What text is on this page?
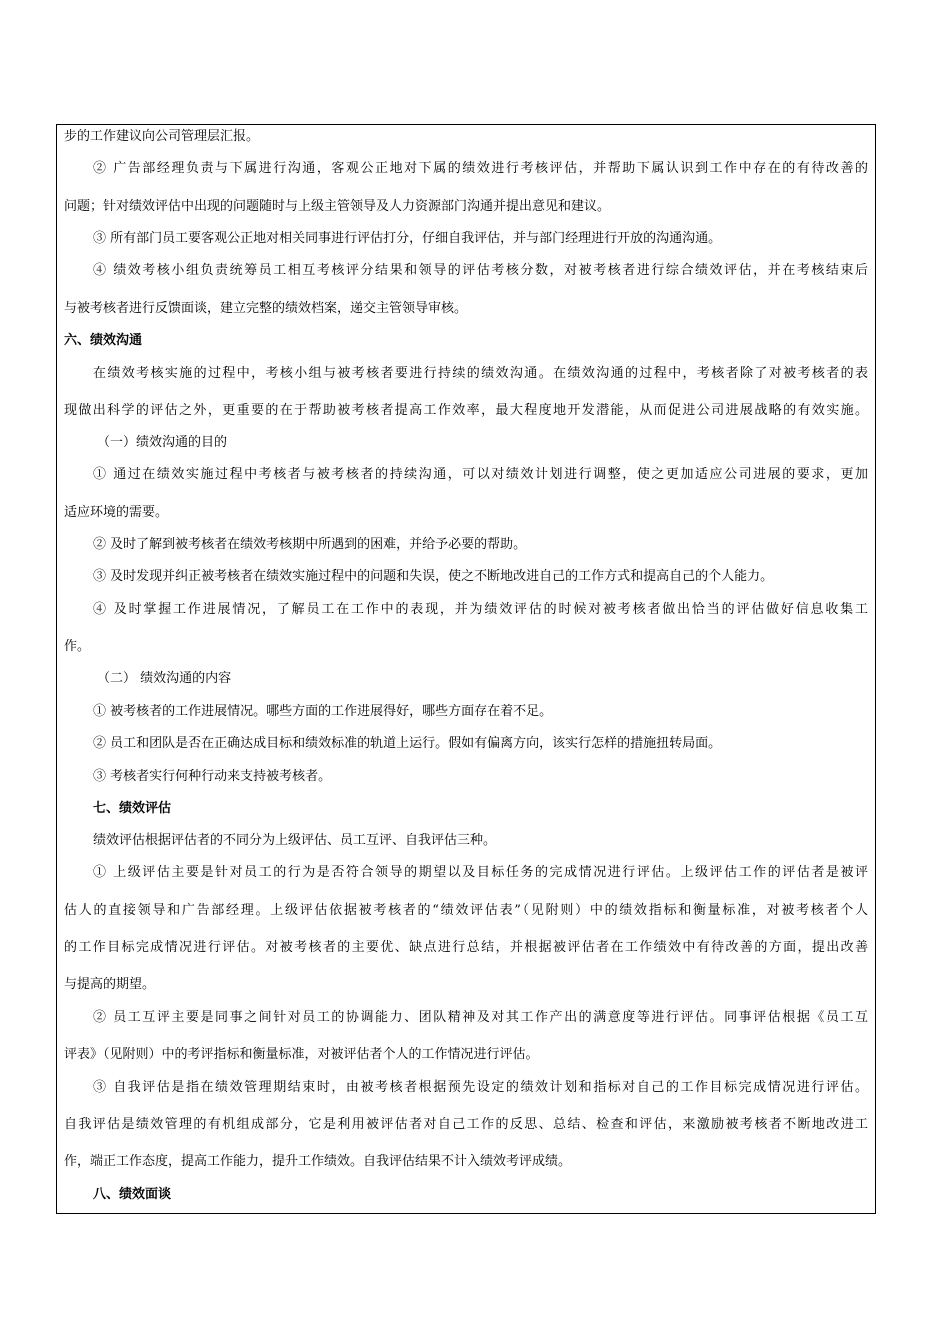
步的工作建议向公司管理层汇报。
② 广告部经理负责与下属进行沟通，客观公正地对下属的绩效进行考核评估，并帮助下属认识到工作中存在的有待改善的
问题；针对绩效评估中出现的问题随时与上级主管领导及人力资源部门沟通并提出意见和建议。
③ 所有部门员工要客观公正地对相关同事进行评估打分，仔细自我评估，并与部门经理进行开放的沟通沟通。
④ 绩效考核小组负责统筹员工相互考核评分结果和领导的评估考核分数，对被考核者进行综合绩效评估，并在考核结束后
与被考核者进行反馈面谈，建立完整的绩效档案，递交主管领导审核。
六、绩效沟通
在绩效考核实施的过程中，考核小组与被考核者要进行持续的绩效沟通。在绩效沟通的过程中，考核者除了对被考核者的表
现做出科学的评估之外，更重要的在于帮助被考核者提高工作效率，最大程度地开发潜能，从而促进公司进展战略的有效实施。
（一）绩效沟通的目的
① 通过在绩效实施过程中考核者与被考核者的持续沟通，可以对绩效计划进行调整，使之更加适应公司进展的要求，更加
适应环境的需要。
② 及时了解到被考核者在绩效考核期中所遇到的困难，并给予必要的帮助。
③ 及时发现并纠正被考核者在绩效实施过程中的问题和失误，使之不断地改进自己的工作方式和提高自己的个人能力。
④ 及时掌握工作进展情况，了解员工在工作中的表现，并为绩效评估的时候对被考核者做出恰当的评估做好信息收集工
作。
（二） 绩效沟通的内容
① 被考核者的工作进展情况。哪些方面的工作进展得好，哪些方面存在着不足。
② 员工和团队是否在正确达成目标和绩效标准的轨道上运行。假如有偏离方向，该实行怎样的措施扭转局面。
③ 考核者实行何种行动来支持被考核者。
七、绩效评估
绩效评估根据评估者的不同分为上级评估、员工互评、自我评估三种。
① 上级评估主要是针对员工的行为是否符合领导的期望以及目标任务的完成情况进行评估。上级评估工作的评估者是被评
估人的直接领导和广告部经理。上级评估依据被考核者的“绩效评估表”（见附则）中的绩效指标和衡量标准，对被考核者个人
的工作目标完成情况进行评估。对被考核者的主要优、缺点进行总结，并根据被评估者在工作绩效中有待改善的方面，提出改善
与提高的期望。
② 员工互评主要是同事之间针对员工的协调能力、团队精神及对其工作产出的满意度等进行评估。同事评估根据《员工互
评表》（见附则）中的考评指标和衡量标准，对被评估者个人的工作情况进行评估。
③ 自我评估是指在绩效管理期结束时，由被考核者根据预先设定的绩效计划和指标对自己的工作目标完成情况进行评估。
自我评估是绩效管理的有机组成部分，它是利用被评估者对自己工作的反思、总结、检查和评估，来激励被考核者不断地改进工
作，端正工作态度，提高工作能力，提升工作绩效。自我评估结果不计入绩效考评成绩。
八、绩效面谈
